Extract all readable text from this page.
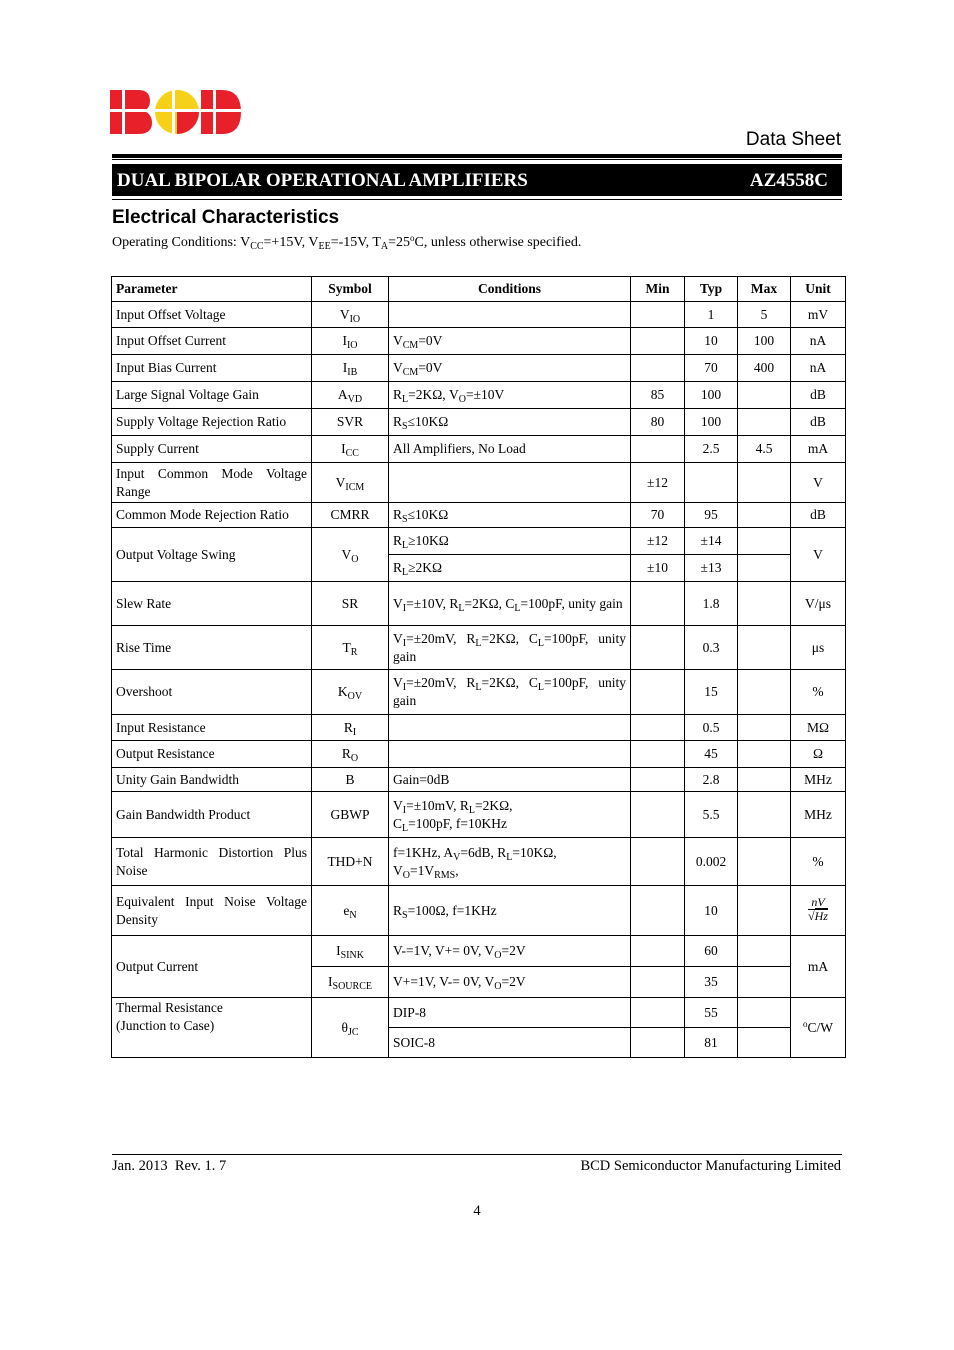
Data Sheet
DUAL BIPOLAR OPERATIONAL AMPLIFIERS	AZ4558C
Electrical Characteristics
Operating Conditions: $V_{CC}=+15V$, $V_{EE}=-15V$, $T_A=25^oC$, unless otherwise specified.
Parameter	Symbol	Conditions	Min	Typ	Max	Unit
Input Offset Voltage	$V_{IO}$			1	5	mV
Input Offset Current	$I_{IO}$	$V_{CM}=0V$		10	100	nA
Input Bias Current	$I_{IB}$	$V_{CM}=0V$		70	400	nA
Large Signal Voltage Gain	$A_{VD}$	$R_L=2K\Omega$, $V_O=\pm 10V$	85	100		dB
Supply Voltage Rejection Ratio	SVR	$R_S\le 10K\Omega$	80	100		dB
Supply Current	$I_{CC}$	All Amplifiers, No Load		2.5	4.5	mA
Input Common Mode Voltage Range	$V_{ICM}$		±12			V
Common Mode Rejection Ratio	CMRR	$R_S\le 10K\Omega$	70	95		dB
Output Voltage Swing	$V_O$	$R_L\ge 10K\Omega$	±12	±14		V
		$R_L\ge 2K\Omega$	±10	±13		
Slew Rate	SR	$V_I=\pm 10V$, $R_L=2K\Omega$, $C_L=100pF$, unity gain		1.8		V/μs
Rise Time	$T_R$	$V_I=\pm 20mV$, $R_L=2K\Omega$, $C_L=100pF$, unity gain		0.3		μs
Overshoot	$K_{OV}$	$V_I=\pm 20mV$, $R_L=2K\Omega$, $C_L=100pF$, unity gain		15		%
Input Resistance	$R_I$			0.5		MΩ
Output Resistance	$R_O$			45		Ω
Unity Gain Bandwidth	B	Gain=0dB		2.8		MHz
Gain Bandwidth Product	GBWP	$V_I=\pm 10mV$, $R_L=2K\Omega$,
$C_L=100pF$, f=10KHz		5.5		MHz
Total Harmonic Distortion Plus Noise	THD+N	f=1KHz, $A_V=6dB$, $R_L=10K\Omega$,
$V_O=1V_{RMS}$,		0.002		%
Equivalent Input Noise Voltage Density	$e_N$	$R_S=100\Omega$, f=1KHz		10		$\frac{nV}{√Hz}$
Output Current	$I_{SINK}$	V-=1V, V+= 0V, $V_O=2V$		60		mA
	$I_{SOURCE}$	V+=1V, V-= 0V, $V_O=2V$		35		
Thermal Resistance
(Junction to Case)	$\theta_{JC}$	DIP-8		55		$^o$C/W
		SOIC-8		81		
Jan. 2013  Rev. 1. 7	BCD Semiconductor Manufacturing Limited
4
